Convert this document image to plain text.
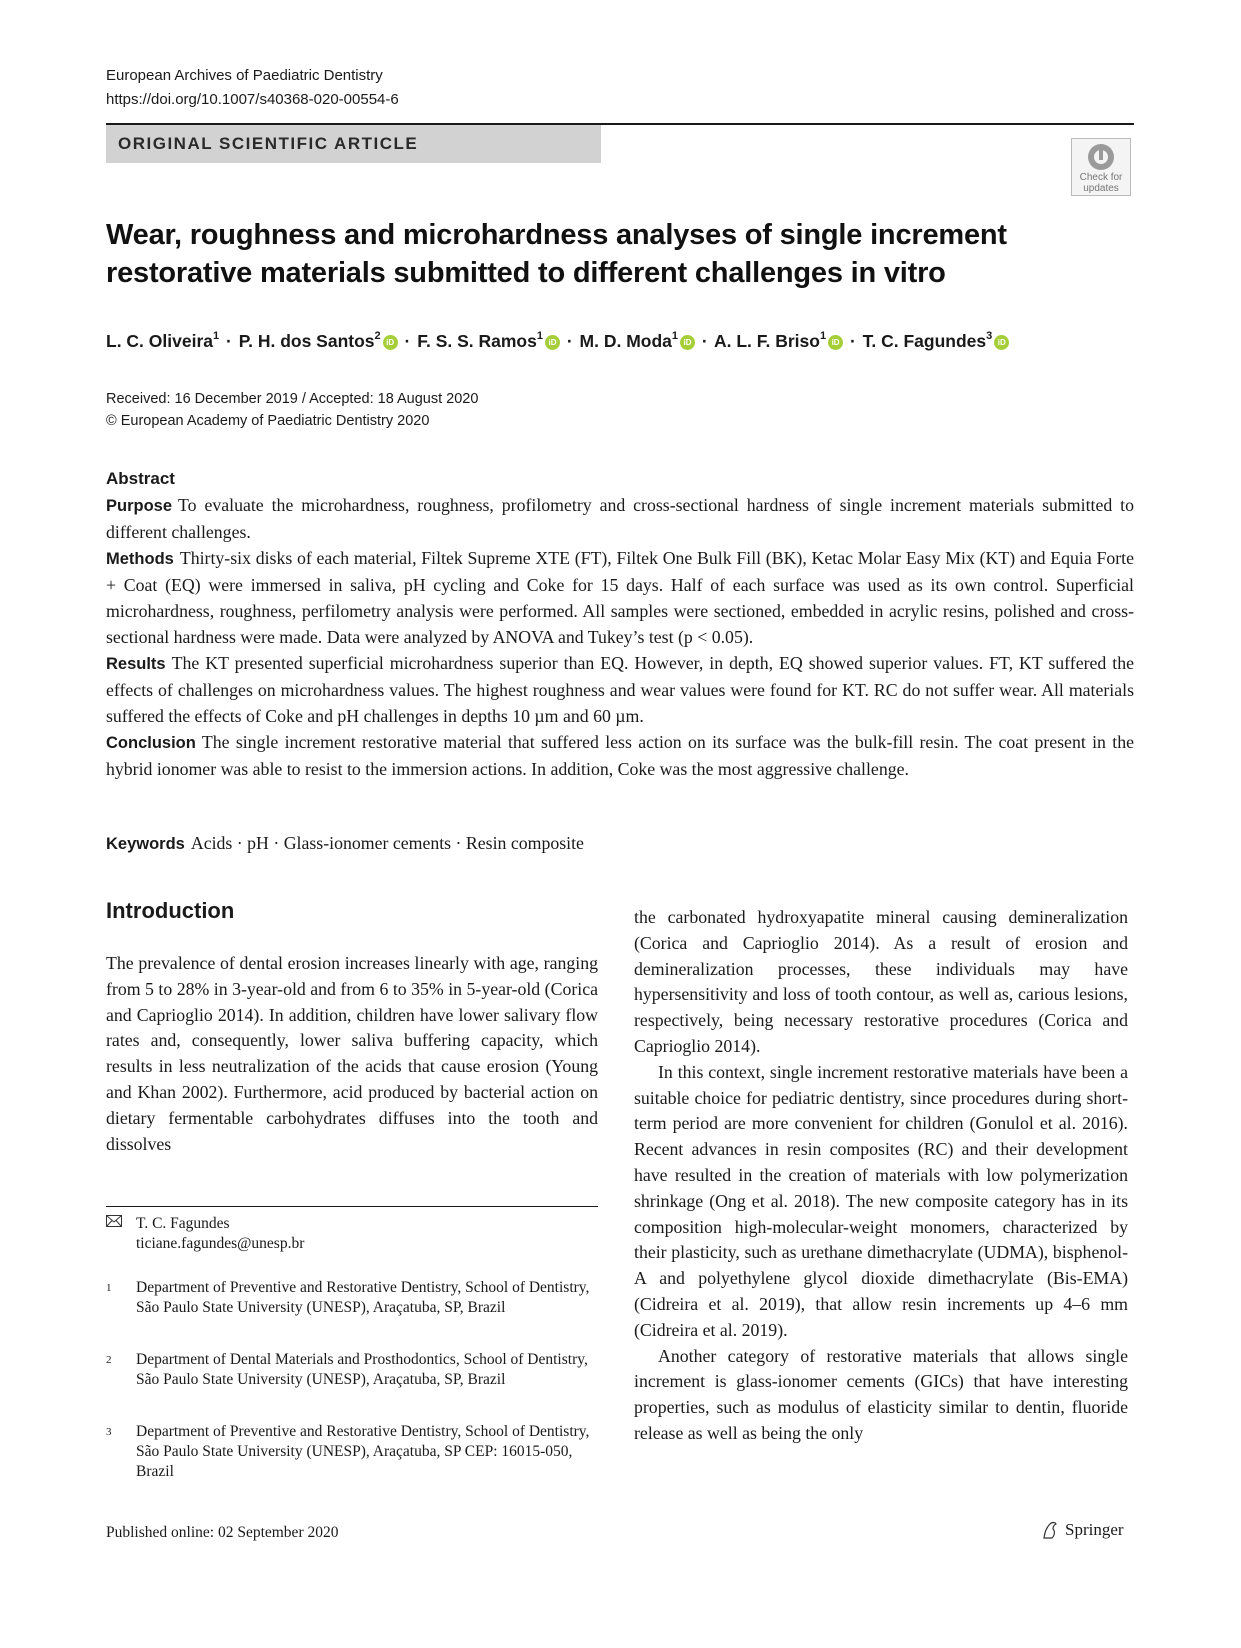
European Archives of Paediatric Dentistry
https://doi.org/10.1007/s40368-020-00554-6
ORIGINAL SCIENTIFIC ARTICLE
Check for updates
Wear, roughness and microhardness analyses of single increment
restorative materials submitted to different challenges in vitro
L. C. Oliveira$^1$ · P. H. dos Santos$^2$iD · F. S. S. Ramos$^1$iD · M. D. Moda$^1$iD · A. L. F. Briso$^1$iD · T. C. Fagundes$^3$iD
Received: 16 December 2019 / Accepted: 18 August 2020
© European Academy of Paediatric Dentistry 2020
Abstract

Purpose To evaluate the microhardness, roughness, profilometry and cross-sectional hardness of single increment materials submitted to different challenges.

Methods Thirty-six disks of each material, Filtek Supreme XTE (FT), Filtek One Bulk Fill (BK), Ketac Molar Easy Mix (KT) and Equia Forte + Coat (EQ) were immersed in saliva, pH cycling and Coke for 15 days. Half of each surface was used as its own control. Superficial microhardness, roughness, perfilometry analysis were performed. All samples were sectioned, embedded in acrylic resins, polished and cross-sectional hardness were made. Data were analyzed by ANOVA and Tukey’s test (p < 0.05).

Results The KT presented superficial microhardness superior than EQ. However, in depth, EQ showed superior values. FT, KT suffered the effects of challenges on microhardness values. The highest roughness and wear values were found for KT. RC do not suffer wear. All materials suffered the effects of Coke and pH challenges in depths 10 µm and 60 µm.

Conclusion The single increment restorative material that suffered less action on its surface was the bulk-fill resin. The coat present in the hybrid ionomer was able to resist to the immersion actions. In addition, Coke was the most aggressive challenge.

Keywords Acids · pH · Glass-ionomer cements · Resin composite
Introduction

The prevalence of dental erosion increases linearly with age, ranging from 5 to 28% in 3-year-old and from 6 to 35% in 5-year-old (Corica and Caprioglio 2014). In addition, children have lower salivary flow rates and, consequently, lower saliva buffering capacity, which results in less neutralization of the acids that cause erosion (Young and Khan 2002). Furthermore, acid produced by bacterial action on dietary fermentable carbohydrates diffuses into the tooth and dissolves

the carbonated hydroxyapatite mineral causing demineralization (Corica and Caprioglio 2014). As a result of erosion and demineralization processes, these individuals may have hypersensitivity and loss of tooth contour, as well as, carious lesions, respectively, being necessary restorative procedures (Corica and Caprioglio 2014).

In this context, single increment restorative materials have been a suitable choice for pediatric dentistry, since procedures during short-term period are more convenient for children (Gonulol et al. 2016). Recent advances in resin composites (RC) and their development have resulted in the creation of materials with low polymerization shrinkage (Ong et al. 2018). The new composite category has in its composition high-molecular-weight monomers, characterized by their plasticity, such as urethane dimethacrylate (UDMA), bisphenol-A and polyethylene glycol dioxide dimethacrylate (Bis-EMA) (Cidreira et al. 2019), that allow resin increments up 4–6 mm (Cidreira et al. 2019).

Another category of restorative materials that allows single increment is glass-ionomer cements (GICs) that have interesting properties, such as modulus of elasticity similar to dentin, fluoride release as well as being the only

T. C. Fagundes
ticiane.fagundes@unesp.br
1 Department of Preventive and Restorative Dentistry, School of Dentistry, São Paulo State University (UNESP), Araçatuba, SP, Brazil
2 Department of Dental Materials and Prosthodontics, School of Dentistry, São Paulo State University (UNESP), Araçatuba, SP, Brazil
3 Department of Preventive and Restorative Dentistry, School of Dentistry, São Paulo State University (UNESP), Araçatuba, SP CEP: 16015-050, Brazil
Published online: 02 September 2020	Springer
